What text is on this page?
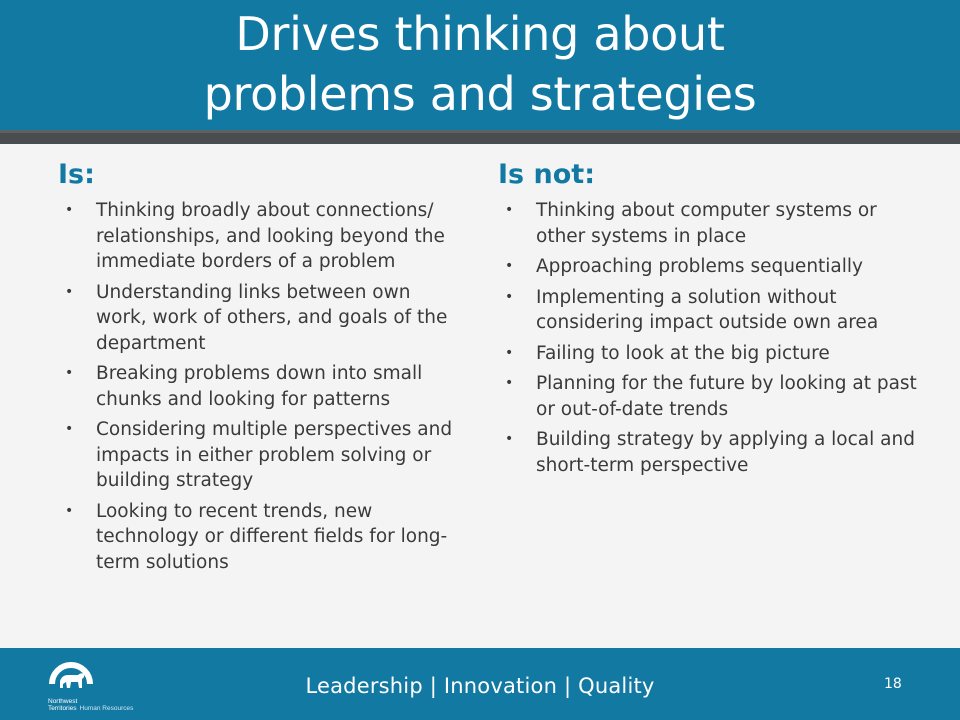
Drives thinking about
problems and strategies
Is:
• Thinking broadly about connections/ relationships, and looking beyond the immediate borders of a problem
• Understanding links between own work, work of others, and goals of the department
• Breaking problems down into small chunks and looking for patterns
• Considering multiple perspectives and impacts in either problem solving or building strategy
• Looking to recent trends, new technology or different fields for long-term solutions
Is not:
• Thinking about computer systems or other systems in place
• Approaching problems sequentially
• Implementing a solution without considering impact outside own area
• Failing to look at the big picture
• Planning for the future by looking at past or out-of-date trends
• Building strategy by applying a local and short-term perspective
Northwest
Territories Human Resources
Leadership | Innovation | Quality	18
